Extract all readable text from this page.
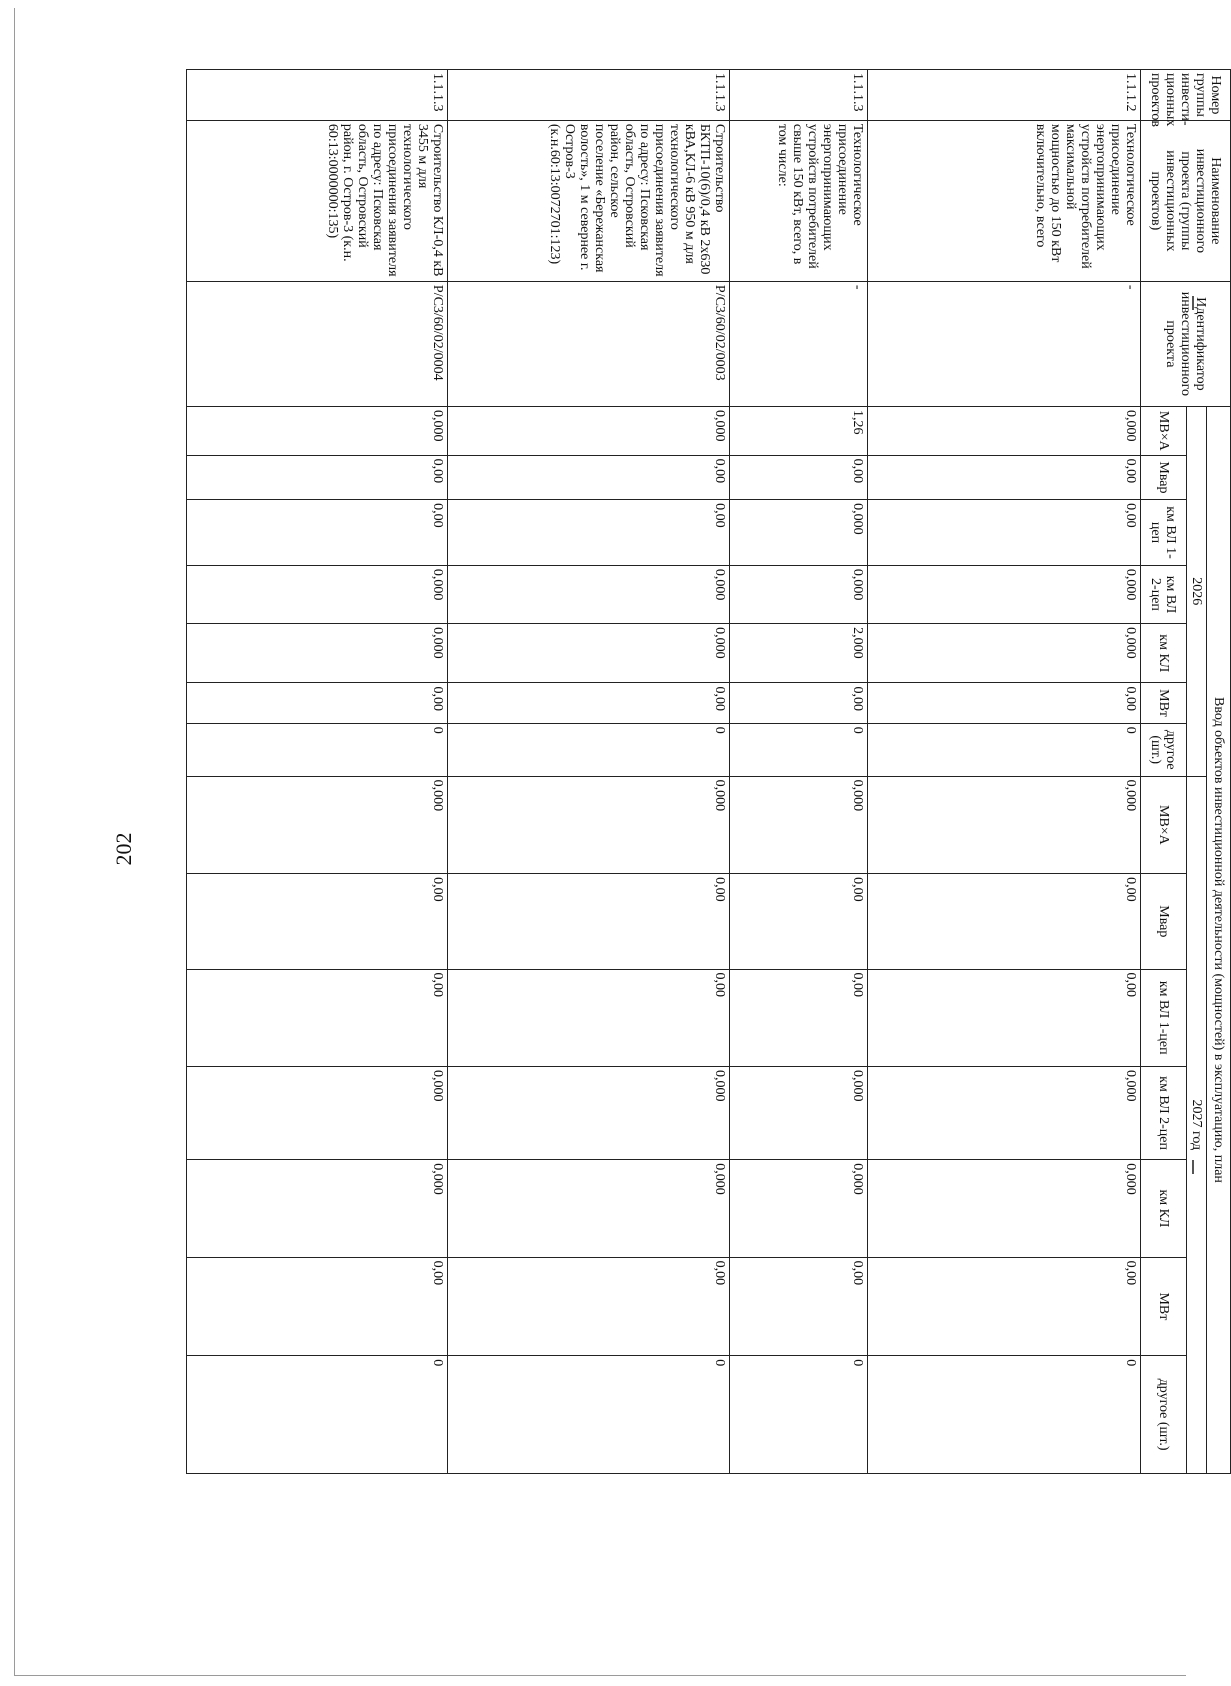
202
Номер группы инвести-ционных проектов	Наименование инвестиционного проекта (группы инвестиционных проектов)	Идентификатор инвестиционного проекта	Ввод объектов инвестиционной деятельности (мощностей) в эксплуатацию, план													
			2026							2027 год						
			МВ×А	Мвар	км ВЛ 1-цеп	км ВЛ 2-цеп	км КЛ	МВт	другое (шт.)	МВ×А	Мвар	км ВЛ 1-цеп	км ВЛ 2-цеп	км КЛ	МВт	другое (шт.)
1.1.1.2	Технологическое присоединение энергопринимающих устройств потребителей максимальной мощностью до 150 кВт включительно, всего	-	0,000	0,00	0,00	0,000	0,000	0,00	0	0,000	0,00	0,00	0,000	0,000	0,00	0
1.1.1.3	Технологическое присоединение энергопринимающих устройств потребителей свыше 150 кВт, всего, в том числе:	-	1,26	0,00	0,000	0,000	2,000	0,00	0	0,000	0,00	0,00	0,000	0,000	0,00	0
1.1.1.3	Строительство БКТП-10(6)/0,4 кВ 2х630 кВА,КЛ-6 кВ 950 м для технологического присоединения заявителя по адресу: Псковская область, Островский район, сельское поселение «Бережанская волость», 1 м севернее г. Остров-3 (к.н.60:13:0072701:123)	P/C3/60/02/0003	0,000	0,00	0,00	0,000	0,000	0,00	0	0,000	0,00	0,00	0,000	0,000	0,00	0
1.1.1.3	Строительство КЛ-0,4 кВ 3455 м для технологического присоединения заявителя по адресу: Псковская область, Островский район, г. Остров-3 (к.н. 60:13:0000000:135)	P/C3/60/02/0004	0,000	0,00	0,00	0,000	0,000	0,00	0	0,000	0,00	0,00	0,000	0,000	0,00	0
